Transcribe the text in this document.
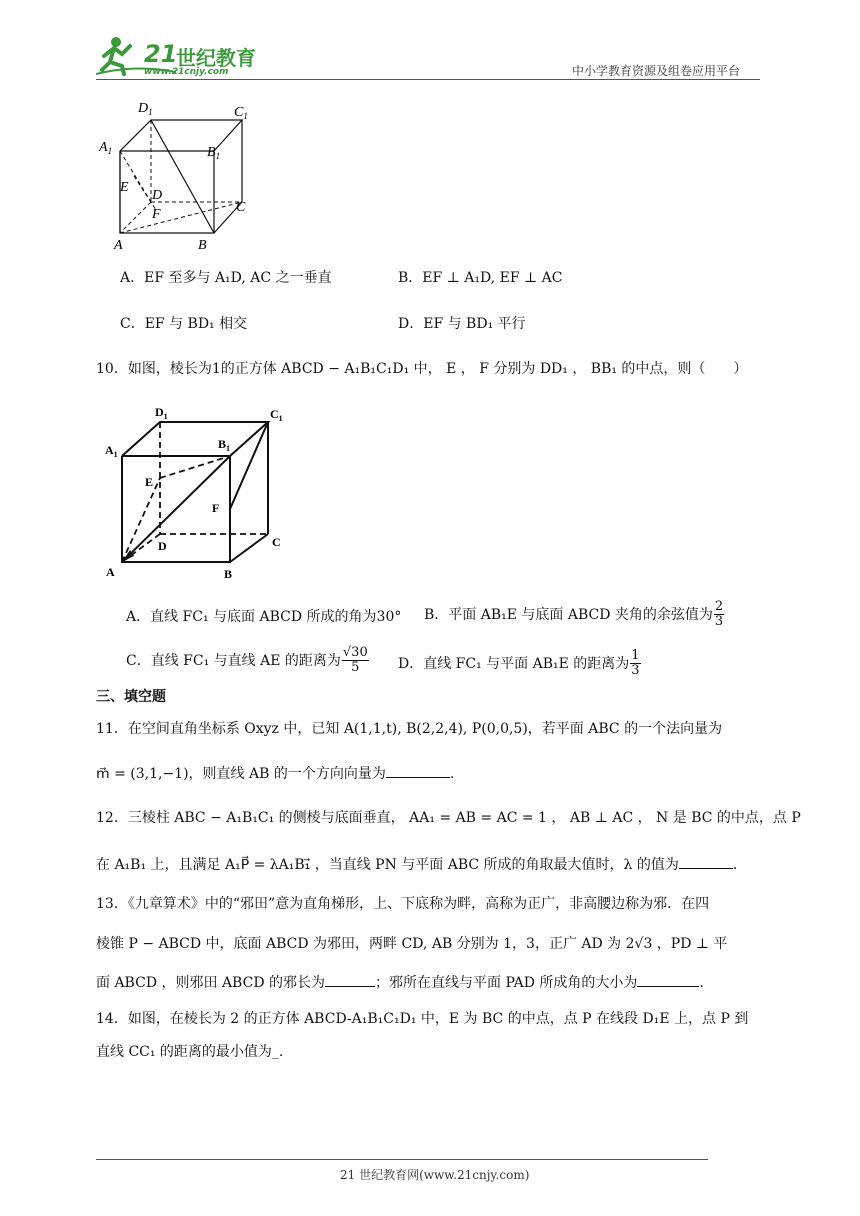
21
世纪教育
www.21cnjy.com	中小学教育资源及组卷应用平台
$D_1$	$C_1$
$A_1$	$B_1$
E
D
F	C
A	B
A．EF 至多与 A₁D, AC 之一垂直	B．EF ⊥ A₁D, EF ⊥ AC
C．EF 与 BD₁ 相交	D．EF 与 BD₁ 平行
10．如图，棱长为1的正方体 ABCD − A₁B₁C₁D₁ 中， E ， F 分别为 DD₁ ， BB₁ 的中点，则（　　）
$D_1$	$C_1$
$A_1$
$B_1$
E
F
D	C
A	B
A．直线 FC₁ 与底面 ABCD 所成的角为30° B．平面 AB₁E 与底面 ABCD 夹角的余弦值为 $\frac{2}{3}$
C．直线 FC₁ 与直线 AE 的距离为 $\frac{√30}{5}$ D．直线 FC₁ 与平面 AB₁E 的距离为 $\frac{1}{3}$
三、填空题
11．在空间直角坐标系 Oxyz 中，已知 A(1,1,t), B(2,2,4), P(0,0,5)，若平面 ABC 的一个法向量为
m⃗ = (3,1,−1)，则直线 AB 的一个方向向量为	.
12．三棱柱 ABC − A₁B₁C₁ 的侧棱与底面垂直， AA₁ = AB = AC = 1 ， AB ⊥ AC ， N 是 BC 的中点，点 P
在 A₁B₁ 上，且满足 A₁P⃗ = λA₁B₁⃗ ，当直线 PN 与平面 ABC 所成的角取最大值时，λ 的值为	.
13．《九章算术》中的“邪田”意为直角梯形，上、下底称为畔，高称为正广，非高腰边称为邪．在四
棱锥 P − ABCD 中，底面 ABCD 为邪田，两畔 CD, AB 分别为 1，3，正广 AD 为 2√3 ，PD ⊥ 平
面 ABCD ，则邪田 ABCD 的邪长为	；邪所在直线与平面 PAD 所成角的大小为	.
14．如图，在棱长为 2 的正方体 ABCD-A₁B₁C₁D₁ 中，E 为 BC 的中点，点 P 在线段 D₁E 上，点 P 到
直线 CC₁ 的距离的最小值为_.
21 世纪教育网(www.21cnjy.com)
